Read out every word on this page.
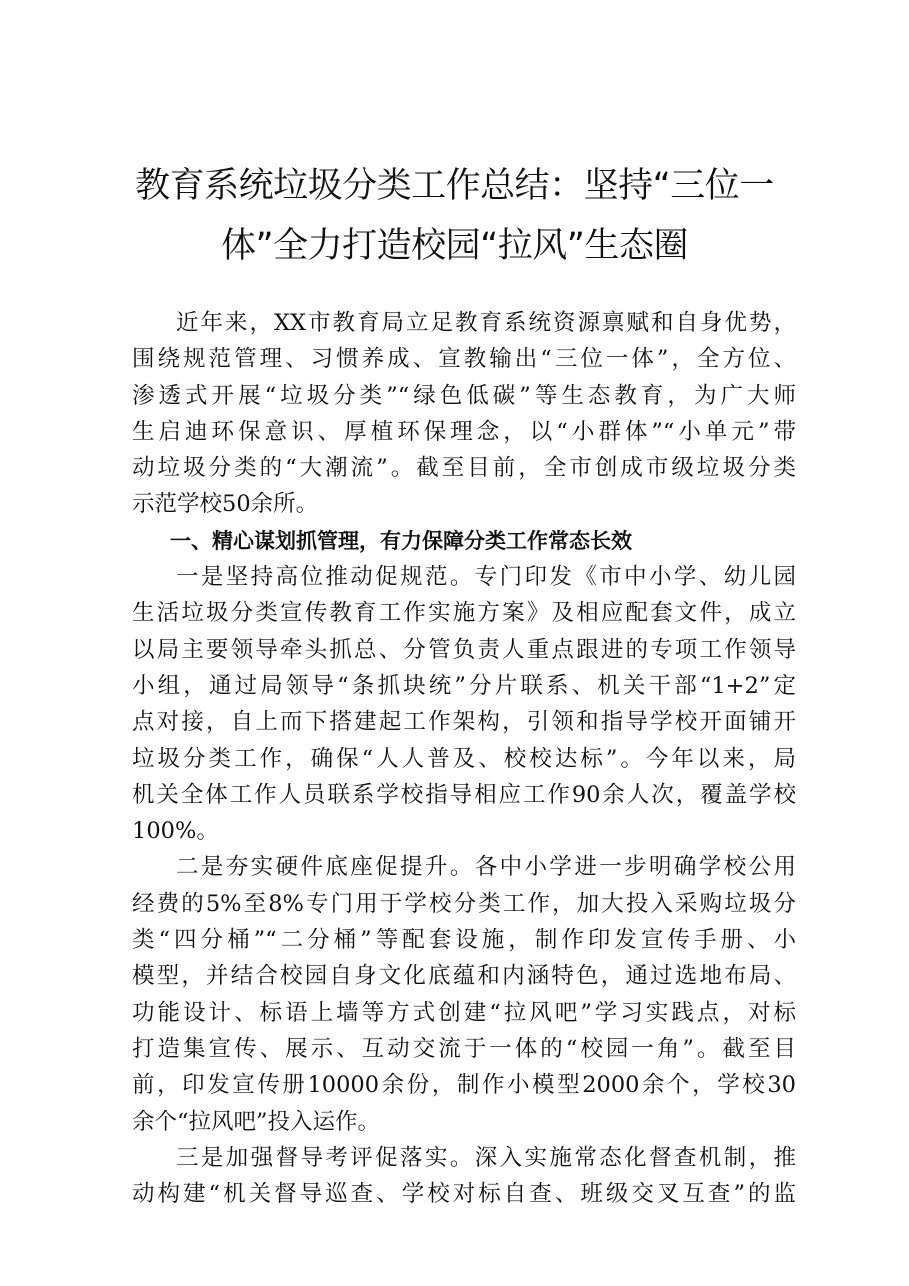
教育系统垃圾分类工作总结：坚持“三位一
体”全力打造校园“拉风”生态圈
近年来，XX市教育局立足教育系统资源禀赋和自身优势，
围绕规范管理、习惯养成、宣教输出“三位一体”，全方位、
渗透式开展“垃圾分类”“绿色低碳”等生态教育，为广大师
生启迪环保意识、厚植环保理念，以“小群体”“小单元”带
动垃圾分类的“大潮流”。截至目前，全市创成市级垃圾分类
示范学校50余所。
一、精心谋划抓管理，有力保障分类工作常态长效
一是坚持高位推动促规范。专门印发《市中小学、幼儿园
生活垃圾分类宣传教育工作实施方案》及相应配套文件，成立
以局主要领导牵头抓总、分管负责人重点跟进的专项工作领导
小组，通过局领导“条抓块统”分片联系、机关干部“1+2”定
点对接，自上而下搭建起工作架构，引领和指导学校开面铺开
垃圾分类工作，确保“人人普及、校校达标”。今年以来，局
机关全体工作人员联系学校指导相应工作90余人次，覆盖学校
100%。
二是夯实硬件底座促提升。各中小学进一步明确学校公用
经费的5%至8%专门用于学校分类工作，加大投入采购垃圾分
类“四分桶”“二分桶”等配套设施，制作印发宣传手册、小
模型，并结合校园自身文化底蕴和内涵特色，通过选地布局、
功能设计、标语上墙等方式创建“拉风吧”学习实践点，对标
打造集宣传、展示、互动交流于一体的“校园一角”。截至目
前，印发宣传册10000余份，制作小模型2000余个，学校30
余个“拉风吧”投入运作。
三是加强督导考评促落实。深入实施常态化督查机制，推
动构建“机关督导巡查、学校对标自查、班级交叉互查”的监
